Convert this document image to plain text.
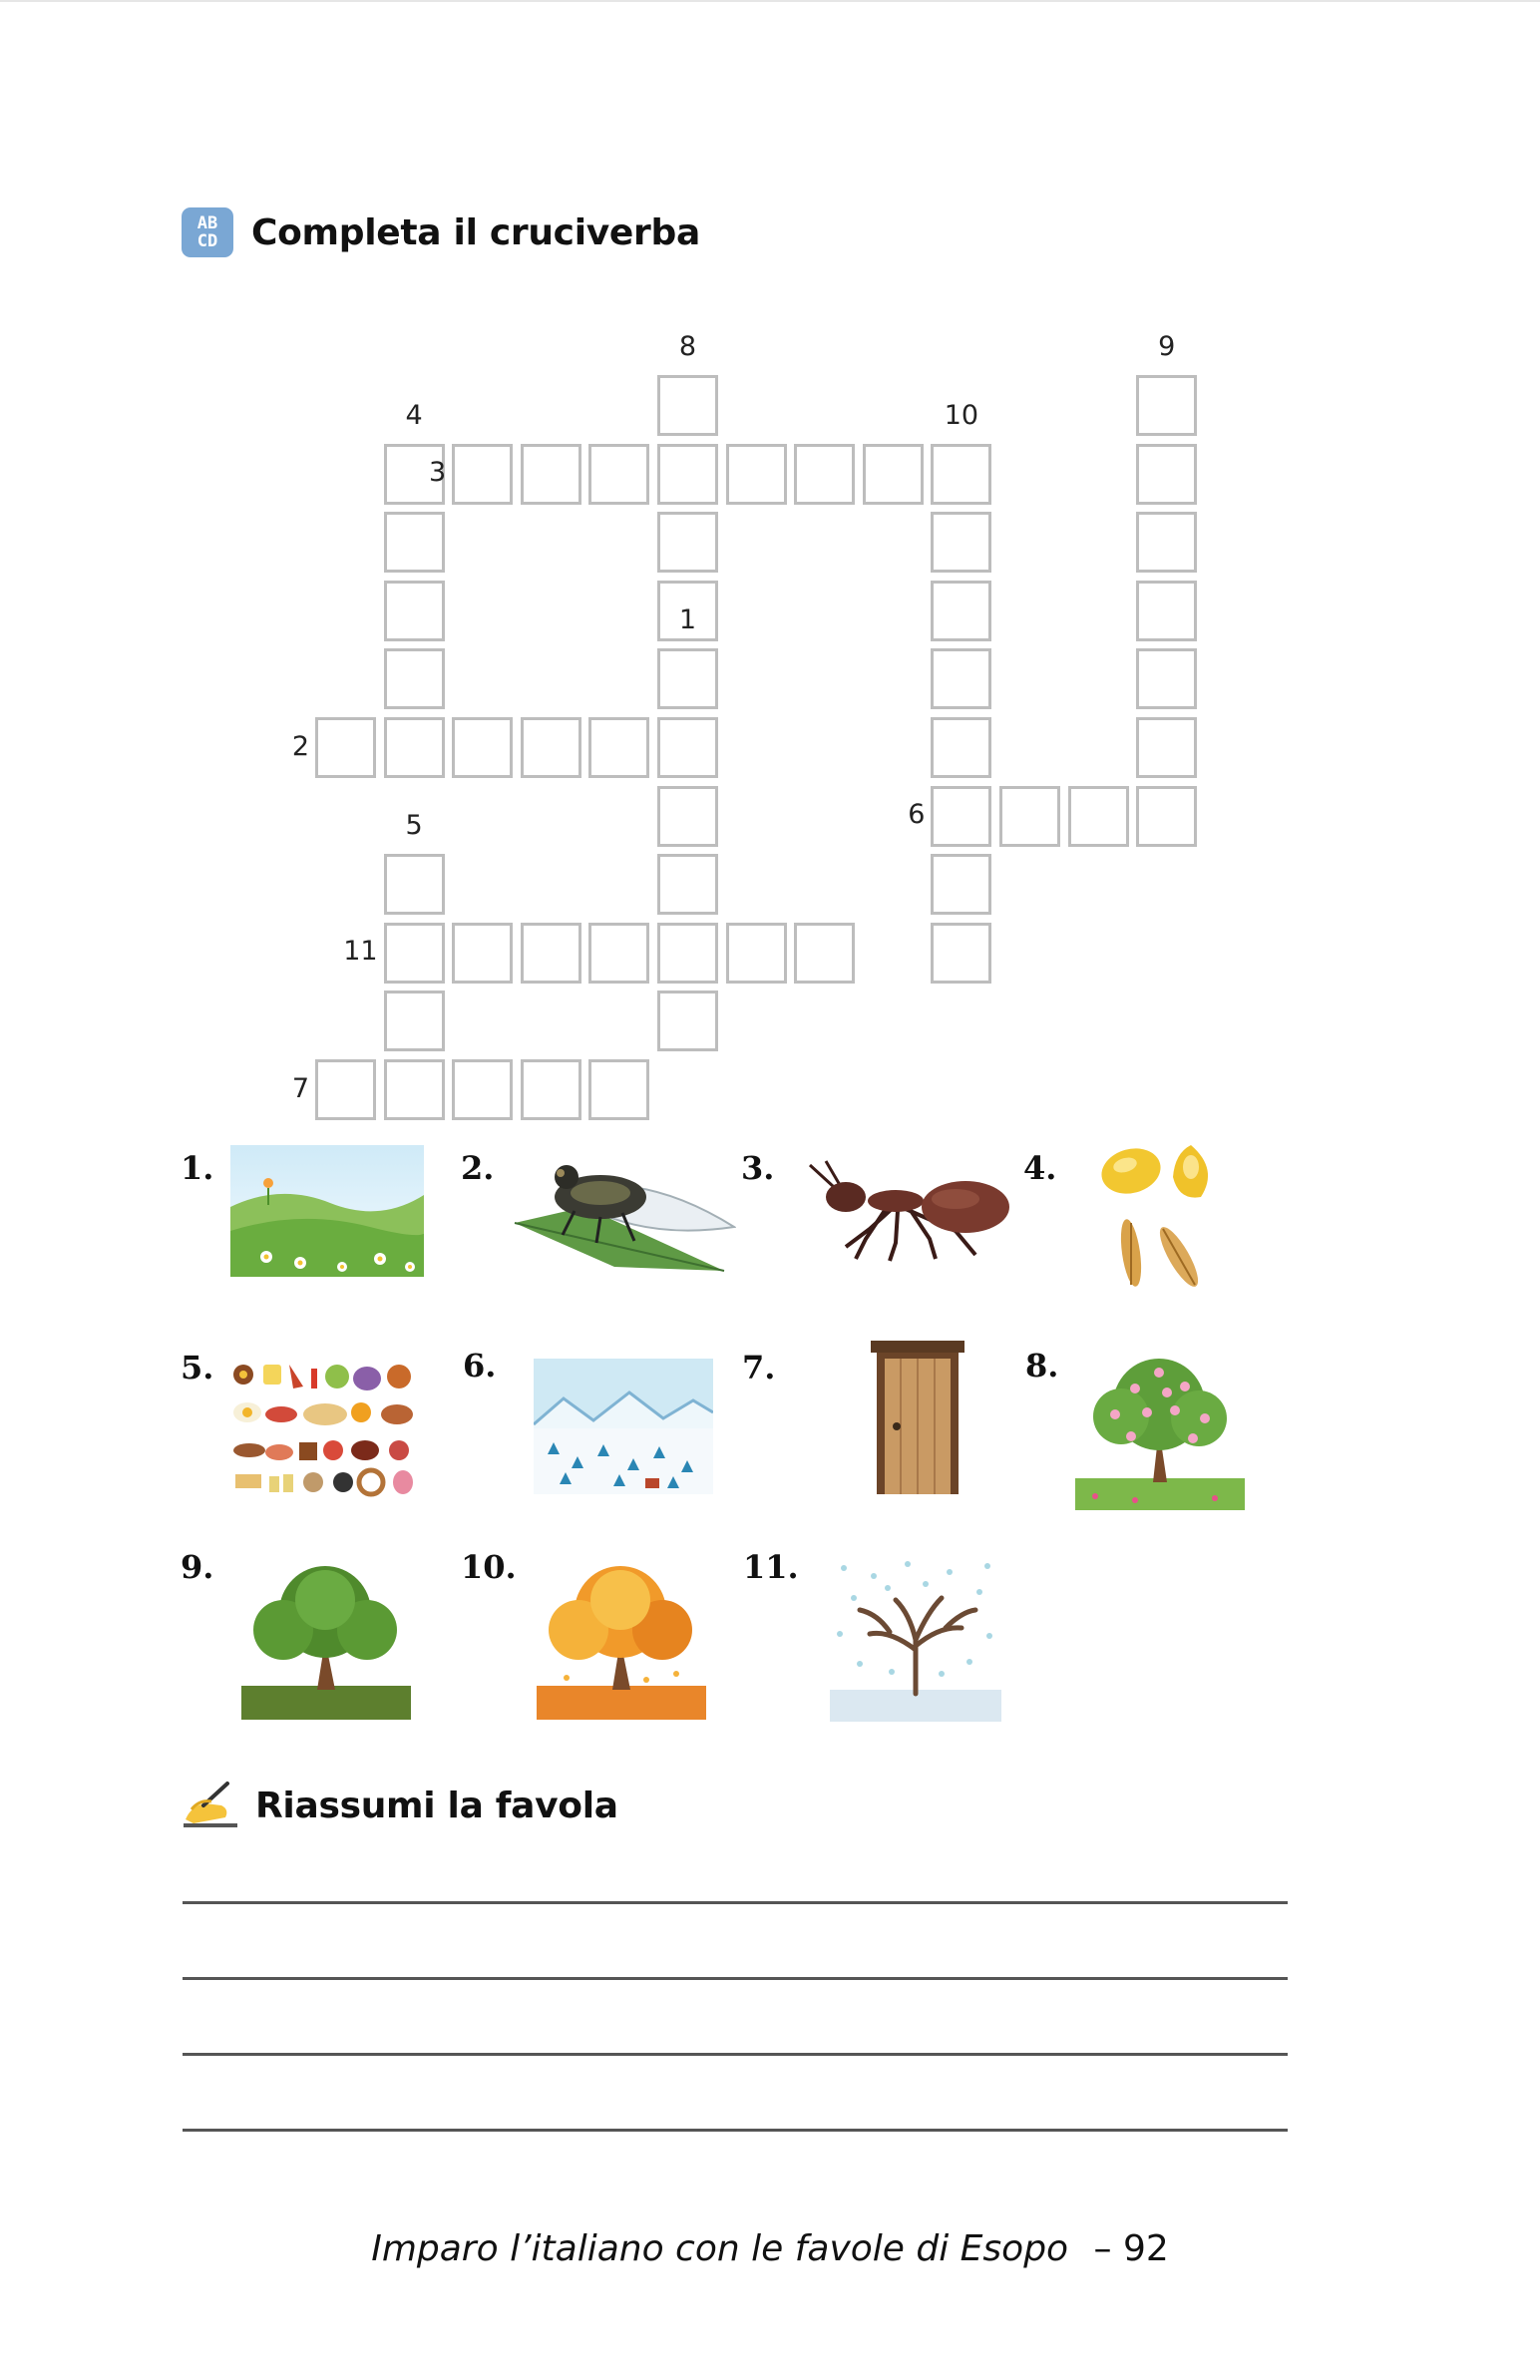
AB
CD Completa il cruciverba
1
2
3
4
5	6
7
8	9
10
11
1.	2.	3.	4.
5.	6.	7.	8.
9.	10.	11.
Riassumi la favola
Imparo l’italiano con le favole di Esopo – 92
